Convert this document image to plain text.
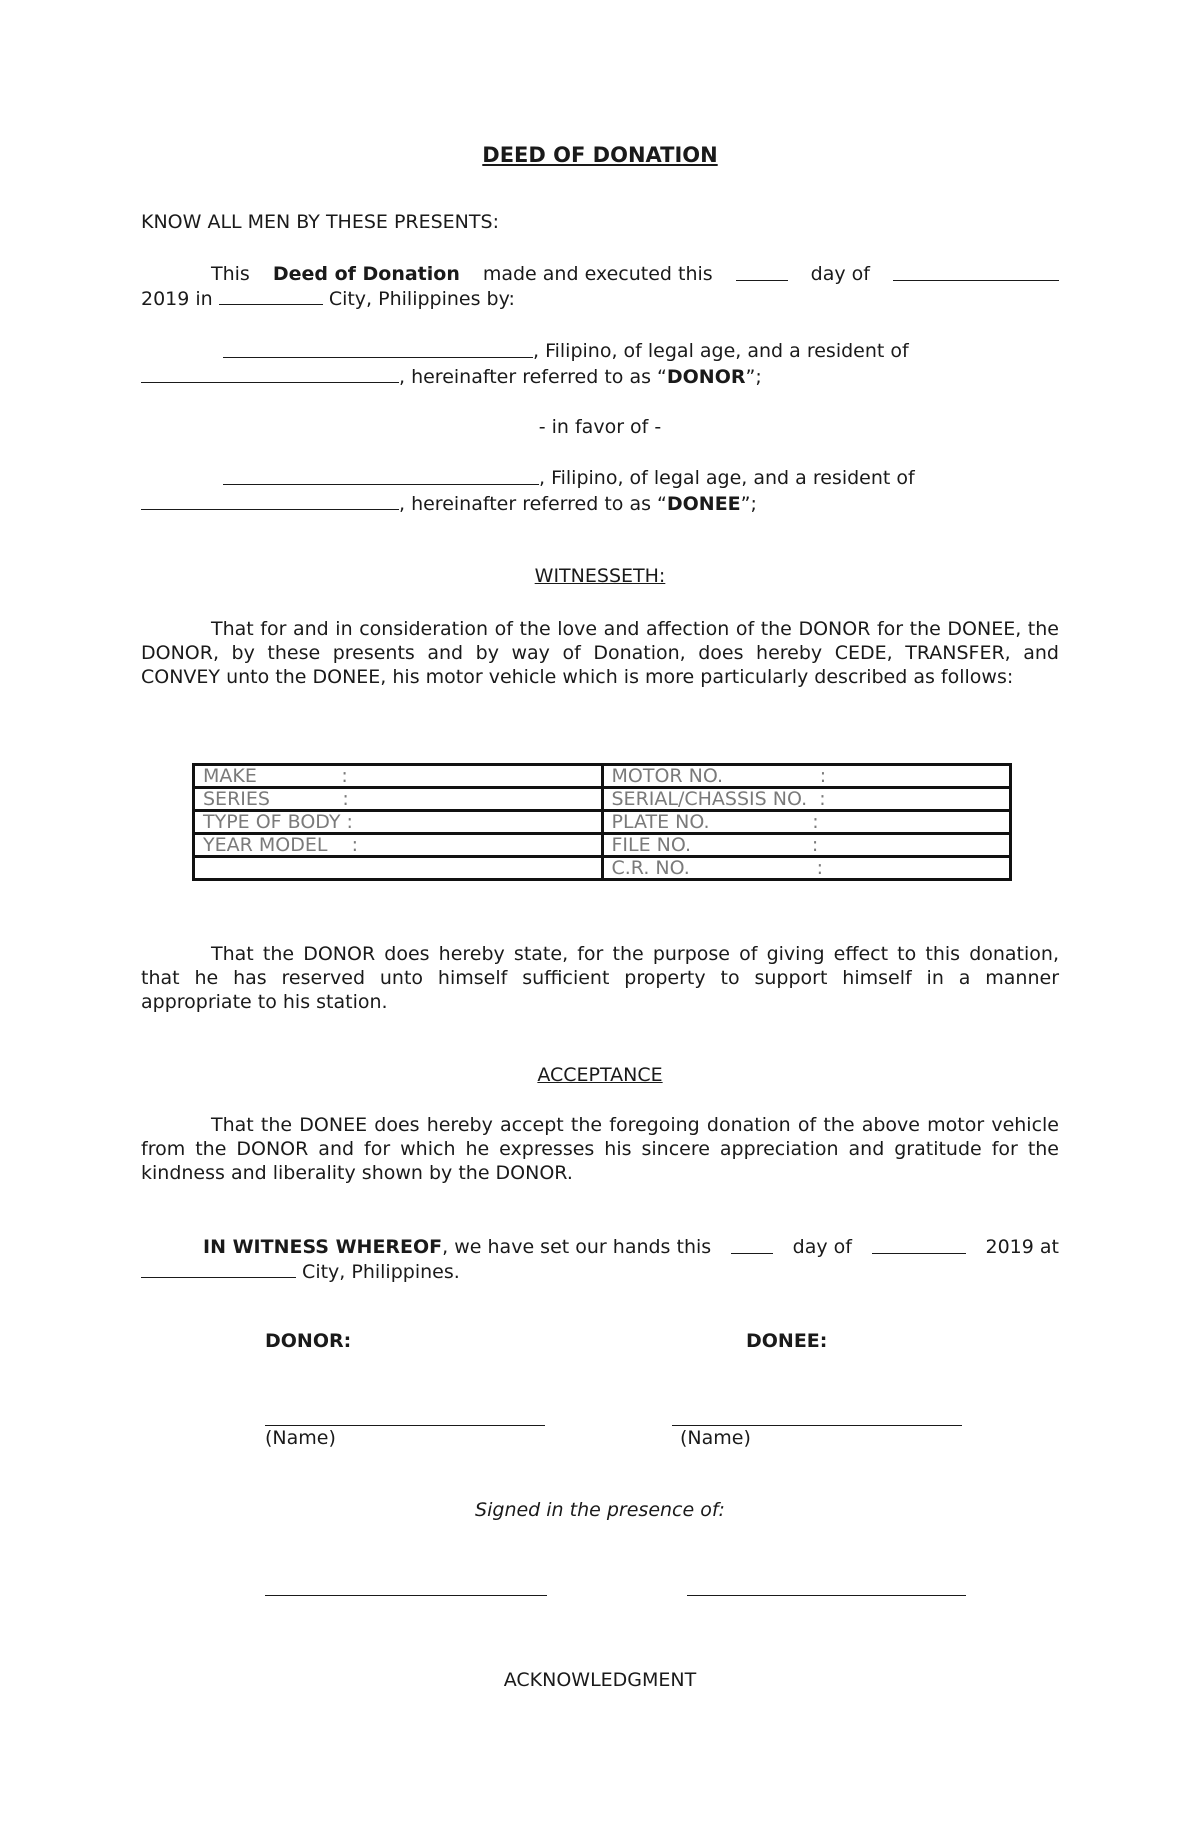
DEED OF DONATION
KNOW ALL MEN BY THESE PRESENTS:
This Deed of Donation made and executed this	day of
2019 in	City, Philippines by:
, Filipino, of legal age, and a resident of
, hereinafter referred to as “DONOR”;
- in favor of -
, Filipino, of legal age, and a resident of
, hereinafter referred to as “DONEE”;
WITNESSETH:
That for and in consideration of the love and affection of the DONOR for the DONEE, the DONOR, by these presents and by way of Donation, does hereby CEDE, TRANSFER, and CONVEY unto the DONEE, his motor vehicle which is more particularly described as follows:
MAKE              :	MOTOR NO.                :
SERIES            :	SERIAL/CHASSIS NO.  :
TYPE OF BODY :	PLATE NO.                 :
YEAR MODEL    :	FILE NO.                    :
	C.R. NO.                     :
That the DONOR does hereby state, for the purpose of giving effect to this donation, that he has reserved unto himself sufficient property to support himself in a manner appropriate to his station.
ACCEPTANCE
That the DONEE does hereby accept the foregoing donation of the above motor vehicle from the DONOR and for which he expresses his sincere appreciation and gratitude for the kindness and liberality shown by the DONOR.
IN WITNESS WHEREOF, we have set our hands this	day of	2019 at
City, Philippines.
DONOR:	DONEE:
(Name)	(Name)
Signed in the presence of:
ACKNOWLEDGMENT
